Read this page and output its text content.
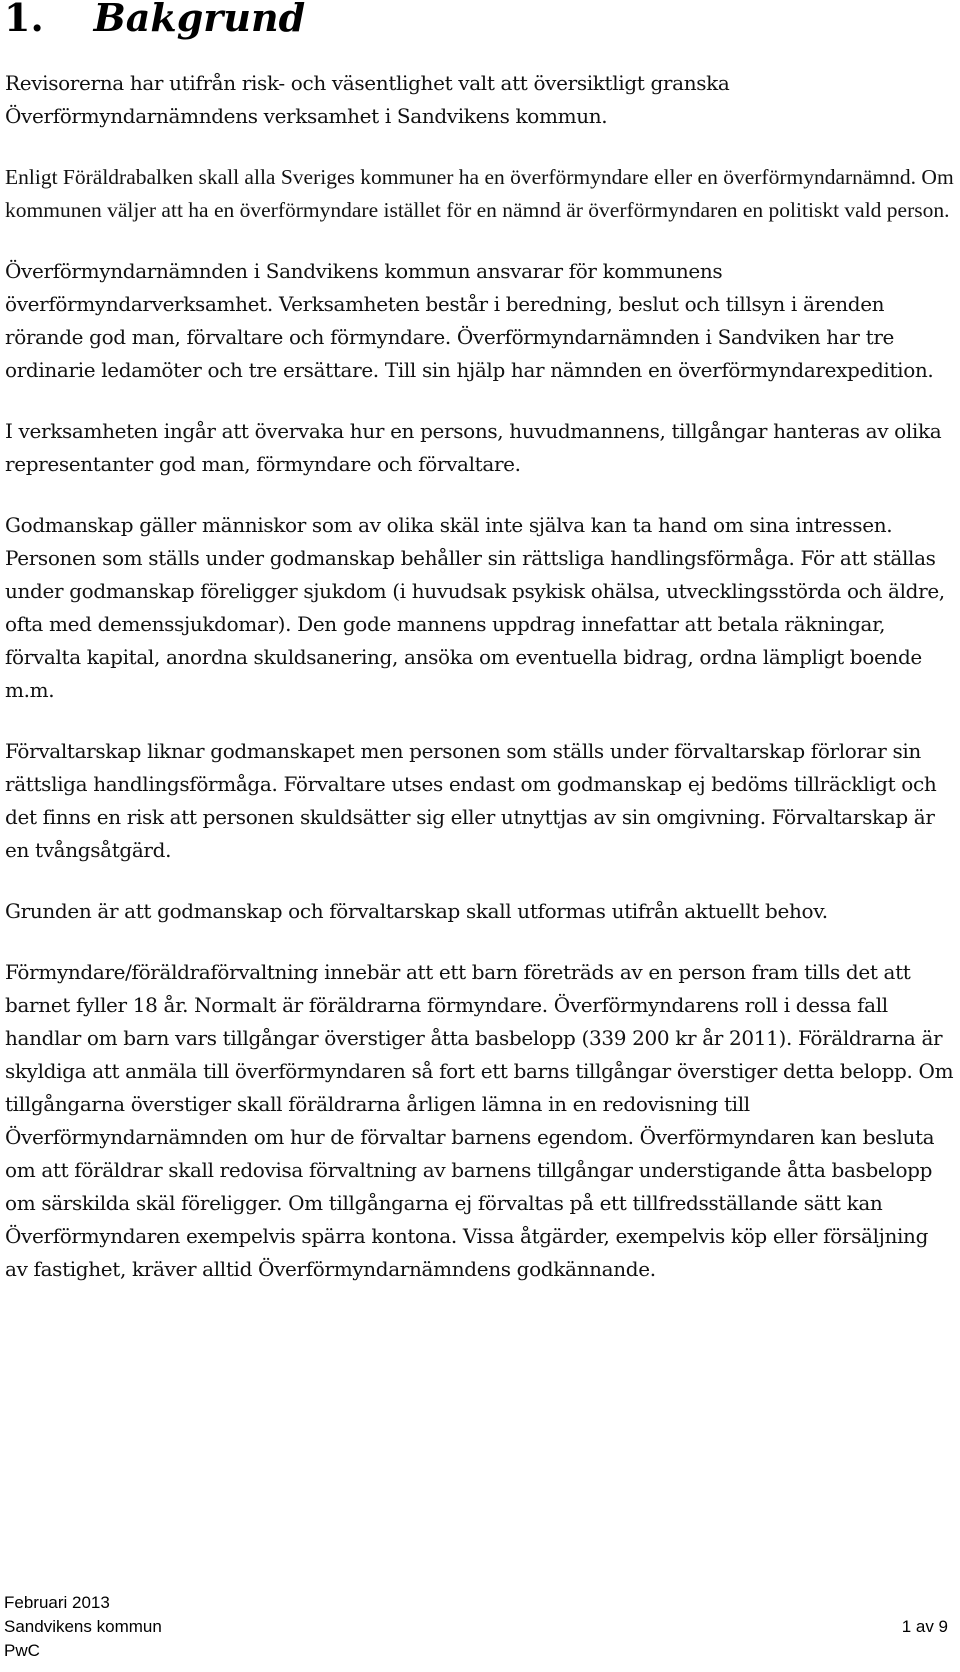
1. Bakgrund

Revisorerna har utifrån risk- och väsentlighet valt att översiktligt granska Överförmyndarnämndens verksamhet i Sandvikens kommun.

Enligt Föräldrabalken skall alla Sveriges kommuner ha en överförmyndare eller en överförmyndarnämnd. Om kommunen väljer att ha en överförmyndare istället för en nämnd är överförmyndaren en politiskt vald person.

Överförmyndarnämnden i Sandvikens kommun ansvarar för kommunens överförmyndarverksamhet. Verksamheten består i beredning, beslut och tillsyn i ärenden rörande god man, förvaltare och förmyndare. Överförmyndarnämnden i Sandviken har tre ordinarie ledamöter och tre ersättare. Till sin hjälp har nämnden en överförmyndarexpedition.

I verksamheten ingår att övervaka hur en persons, huvudmannens, tillgångar hanteras av olika representanter god man, förmyndare och förvaltare.

Godmanskap gäller människor som av olika skäl inte själva kan ta hand om sina intressen. Personen som ställs under godmanskap behåller sin rättsliga handlingsförmåga. För att ställas under godmanskap föreligger sjukdom (i huvudsak psykisk ohälsa, utvecklingsstörda och äldre, ofta med demenssjukdomar). Den gode mannens uppdrag innefattar att betala räkningar, förvalta kapital, anordna skuldsanering, ansöka om eventuella bidrag, ordna lämpligt boende m.m.

Förvaltarskap liknar godmanskapet men personen som ställs under förvaltarskap förlorar sin rättsliga handlingsförmåga. Förvaltare utses endast om godmanskap ej bedöms tillräckligt och det finns en risk att personen skuldsätter sig eller utnyttjas av sin omgivning. Förvaltarskap är en tvångsåtgärd.

Grunden är att godmanskap och förvaltarskap skall utformas utifrån aktuellt behov.

Förmyndare/föräldraförvaltning innebär att ett barn företräds av en person fram tills det att barnet fyller 18 år. Normalt är föräldrarna förmyndare. Överförmyndarens roll i dessa fall handlar om barn vars tillgångar överstiger åtta basbelopp (339 200 kr år 2011). Föräldrarna är skyldiga att anmäla till överförmyndaren så fort ett barns tillgångar överstiger detta belopp. Om tillgångarna överstiger skall föräldrarna årligen lämna in en redovisning till Överförmyndarnämnden om hur de förvaltar barnens egendom. Överförmyndaren kan besluta om att föräldrar skall redovisa förvaltning av barnens tillgångar understigande åtta basbelopp om särskilda skäl föreligger. Om tillgångarna ej förvaltas på ett tillfredsställande sätt kan Överförmyndaren exempelvis spärra kontona. Vissa åtgärder, exempelvis köp eller försäljning av fastighet, kräver alltid Överförmyndarnämndens godkännande.

Februari 2013
Sandvikens kommun	1 av 9
PwC
